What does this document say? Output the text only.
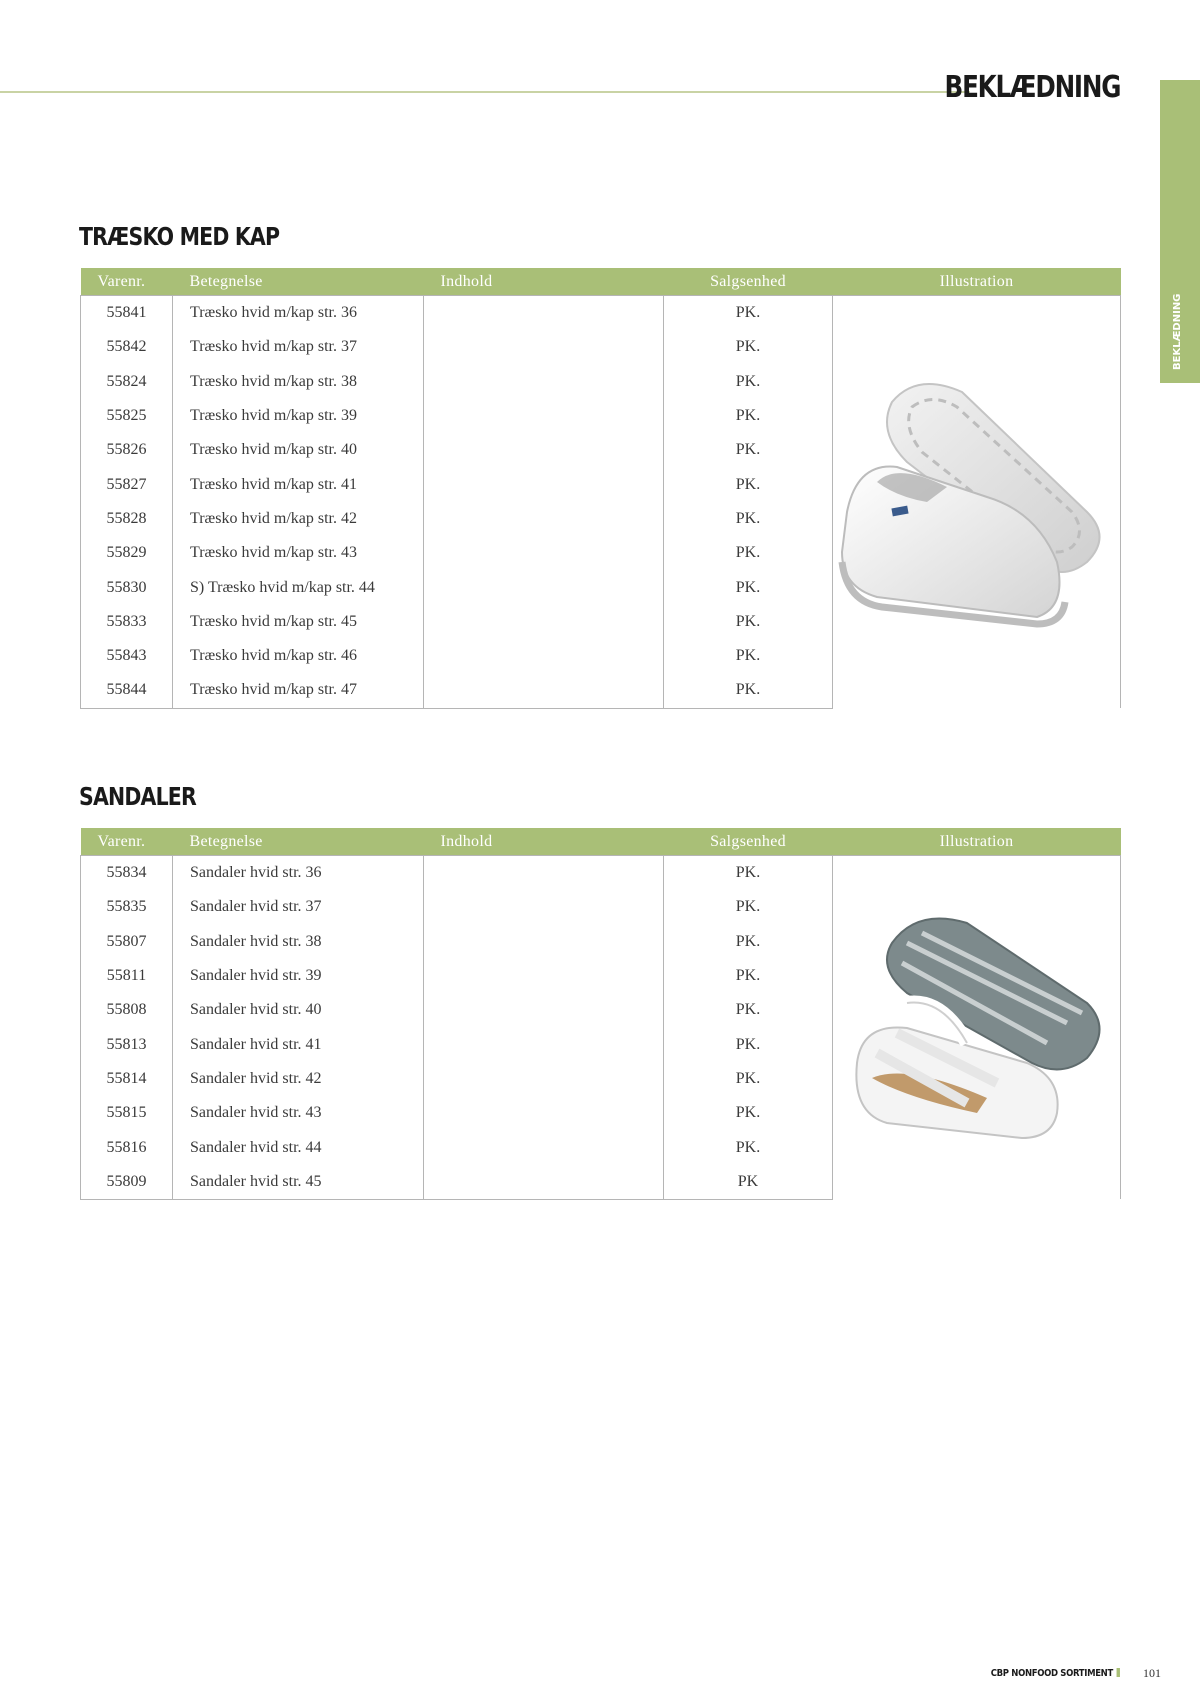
BEKLÆDNING
BEKLÆDNING
TRÆSKO MED KAP
Varenr.	Betegnelse	Indhold	Salgsenhed	Illustration
55841	Træsko hvid m/kap str. 36		PK.	

55842	Træsko hvid m/kap str. 37		PK.	
55824	Træsko hvid m/kap str. 38		PK.	
55825	Træsko hvid m/kap str. 39		PK.	
55826	Træsko hvid m/kap str. 40		PK.	
55827	Træsko hvid m/kap str. 41		PK.	
55828	Træsko hvid m/kap str. 42		PK.	
55829	Træsko hvid m/kap str. 43		PK.	
55830	S) Træsko hvid m/kap str. 44		PK.	
55833	Træsko hvid m/kap str. 45		PK.	
55843	Træsko hvid m/kap str. 46		PK.	
55844	Træsko hvid m/kap str. 47		PK.	
SANDALER
Varenr.	Betegnelse	Indhold	Salgsenhed	Illustration
55834	Sandaler hvid str. 36		PK.	

55835	Sandaler hvid str. 37		PK.	
55807	Sandaler hvid str. 38		PK.	
55811	Sandaler hvid str. 39		PK.	
55808	Sandaler hvid str. 40		PK.	
55813	Sandaler hvid str. 41		PK.	
55814	Sandaler hvid str. 42		PK.	
55815	Sandaler hvid str. 43		PK.	
55816	Sandaler hvid str. 44		PK.	
55809	Sandaler hvid str. 45		PK	
CBP NONFOOD SORTIMENT	101
